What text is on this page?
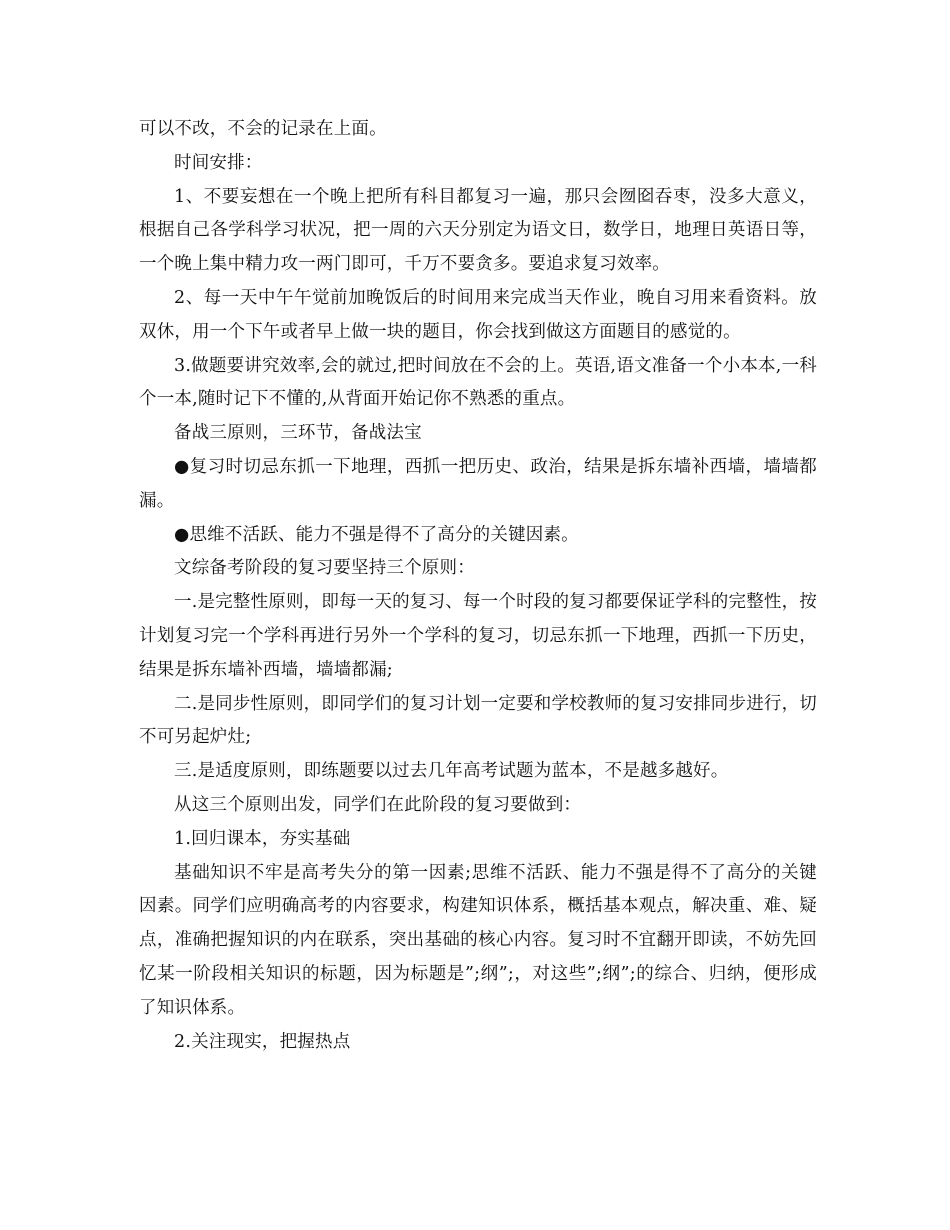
可以不改，不会的记录在上面。

时间安排：

1、不要妄想在一个晚上把所有科目都复习一遍，那只会囫囵吞枣，没多大意义，根据自己各学科学习状况，把一周的六天分别定为语文日，数学日，地理日英语日等，一个晚上集中精力攻一两门即可，千万不要贪多。要追求复习效率。

2、每一天中午午觉前加晚饭后的时间用来完成当天作业，晚自习用来看资料。放双休，用一个下午或者早上做一块的题目，你会找到做这方面题目的感觉的。

3.做题要讲究效率,会的就过,把时间放在不会的上。英语,语文准备一个小本本,一科个一本,随时记下不懂的,从背面开始记你不熟悉的重点。

备战三原则，三环节，备战法宝

●复习时切忌东抓一下地理，西抓一把历史、政治，结果是拆东墙补西墙，墙墙都漏。

●思维不活跃、能力不强是得不了高分的关键因素。

文综备考阶段的复习要坚持三个原则：

一.是完整性原则，即每一天的复习、每一个时段的复习都要保证学科的完整性，按计划复习完一个学科再进行另外一个学科的复习，切忌东抓一下地理，西抓一下历史，结果是拆东墙补西墙，墙墙都漏;

二.是同步性原则，即同学们的复习计划一定要和学校教师的复习安排同步进行，切不可另起炉灶;

三.是适度原则，即练题要以过去几年高考试题为蓝本，不是越多越好。

从这三个原则出发，同学们在此阶段的复习要做到：

1.回归课本，夯实基础

基础知识不牢是高考失分的第一因素;思维不活跃、能力不强是得不了高分的关键因素。同学们应明确高考的内容要求，构建知识体系，概括基本观点，解决重、难、疑点，准确把握知识的内在联系，突出基础的核心内容。复习时不宜翻开即读，不妨先回忆某一阶段相关知识的标题，因为标题是”;纲”;，对这些”;纲”;的综合、归纳，便形成了知识体系。

2.关注现实，把握热点
